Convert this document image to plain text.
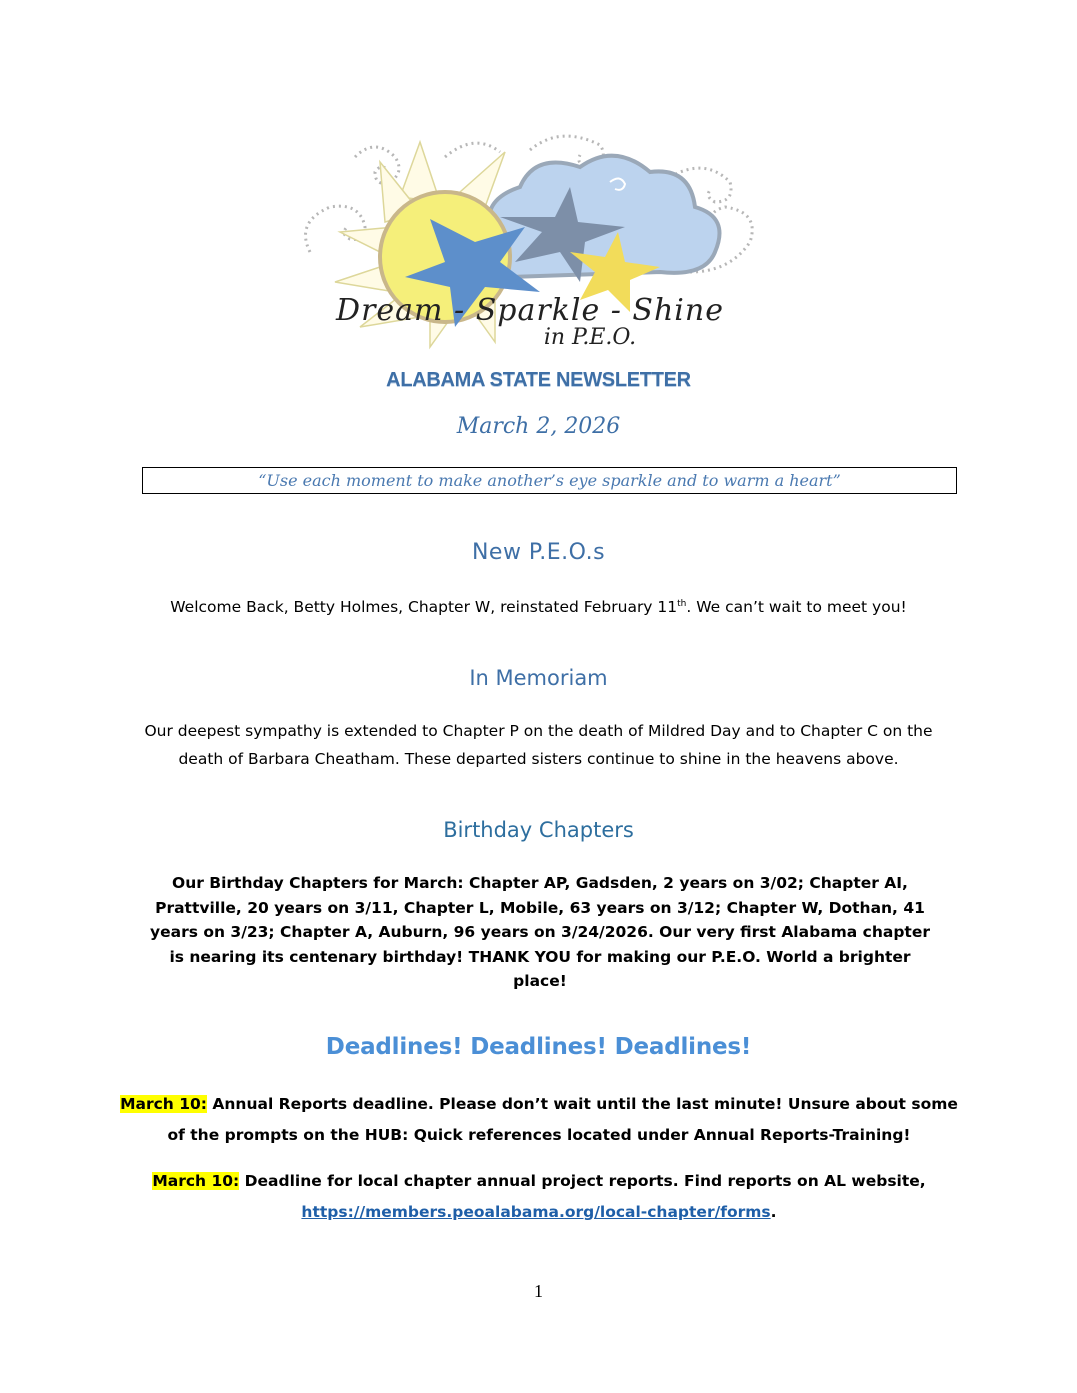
Dream - Sparkle - Shine
in P.E.O.
ALABAMA STATE NEWSLETTER
March 2, 2026
“Use each moment to make another’s eye sparkle and to warm a heart”
New P.E.O.s
Welcome Back, Betty Holmes, Chapter W, reinstated February 11th. We can’t wait to meet you!
In Memoriam
Our deepest sympathy is extended to Chapter P on the death of Mildred Day and to Chapter C on the death of Barbara Cheatham. These departed sisters continue to shine in the heavens above.
Birthday Chapters
Our Birthday Chapters for March: Chapter AP, Gadsden, 2 years on 3/02; Chapter AI, Prattville, 20 years on 3/11, Chapter L, Mobile, 63 years on 3/12; Chapter W, Dothan, 41 years on 3/23; Chapter A, Auburn, 96 years on 3/24/2026. Our very first Alabama chapter is nearing its centenary birthday! THANK YOU for making our P.E.O. World a brighter place!
Deadlines! Deadlines! Deadlines!
March 10: Annual Reports deadline. Please don’t wait until the last minute! Unsure about some of the prompts on the HUB: Quick references located under Annual Reports-Training!
March 10: Deadline for local chapter annual project reports. Find reports on AL website,
https://members.peoalabama.org/local-chapter/forms.
1
